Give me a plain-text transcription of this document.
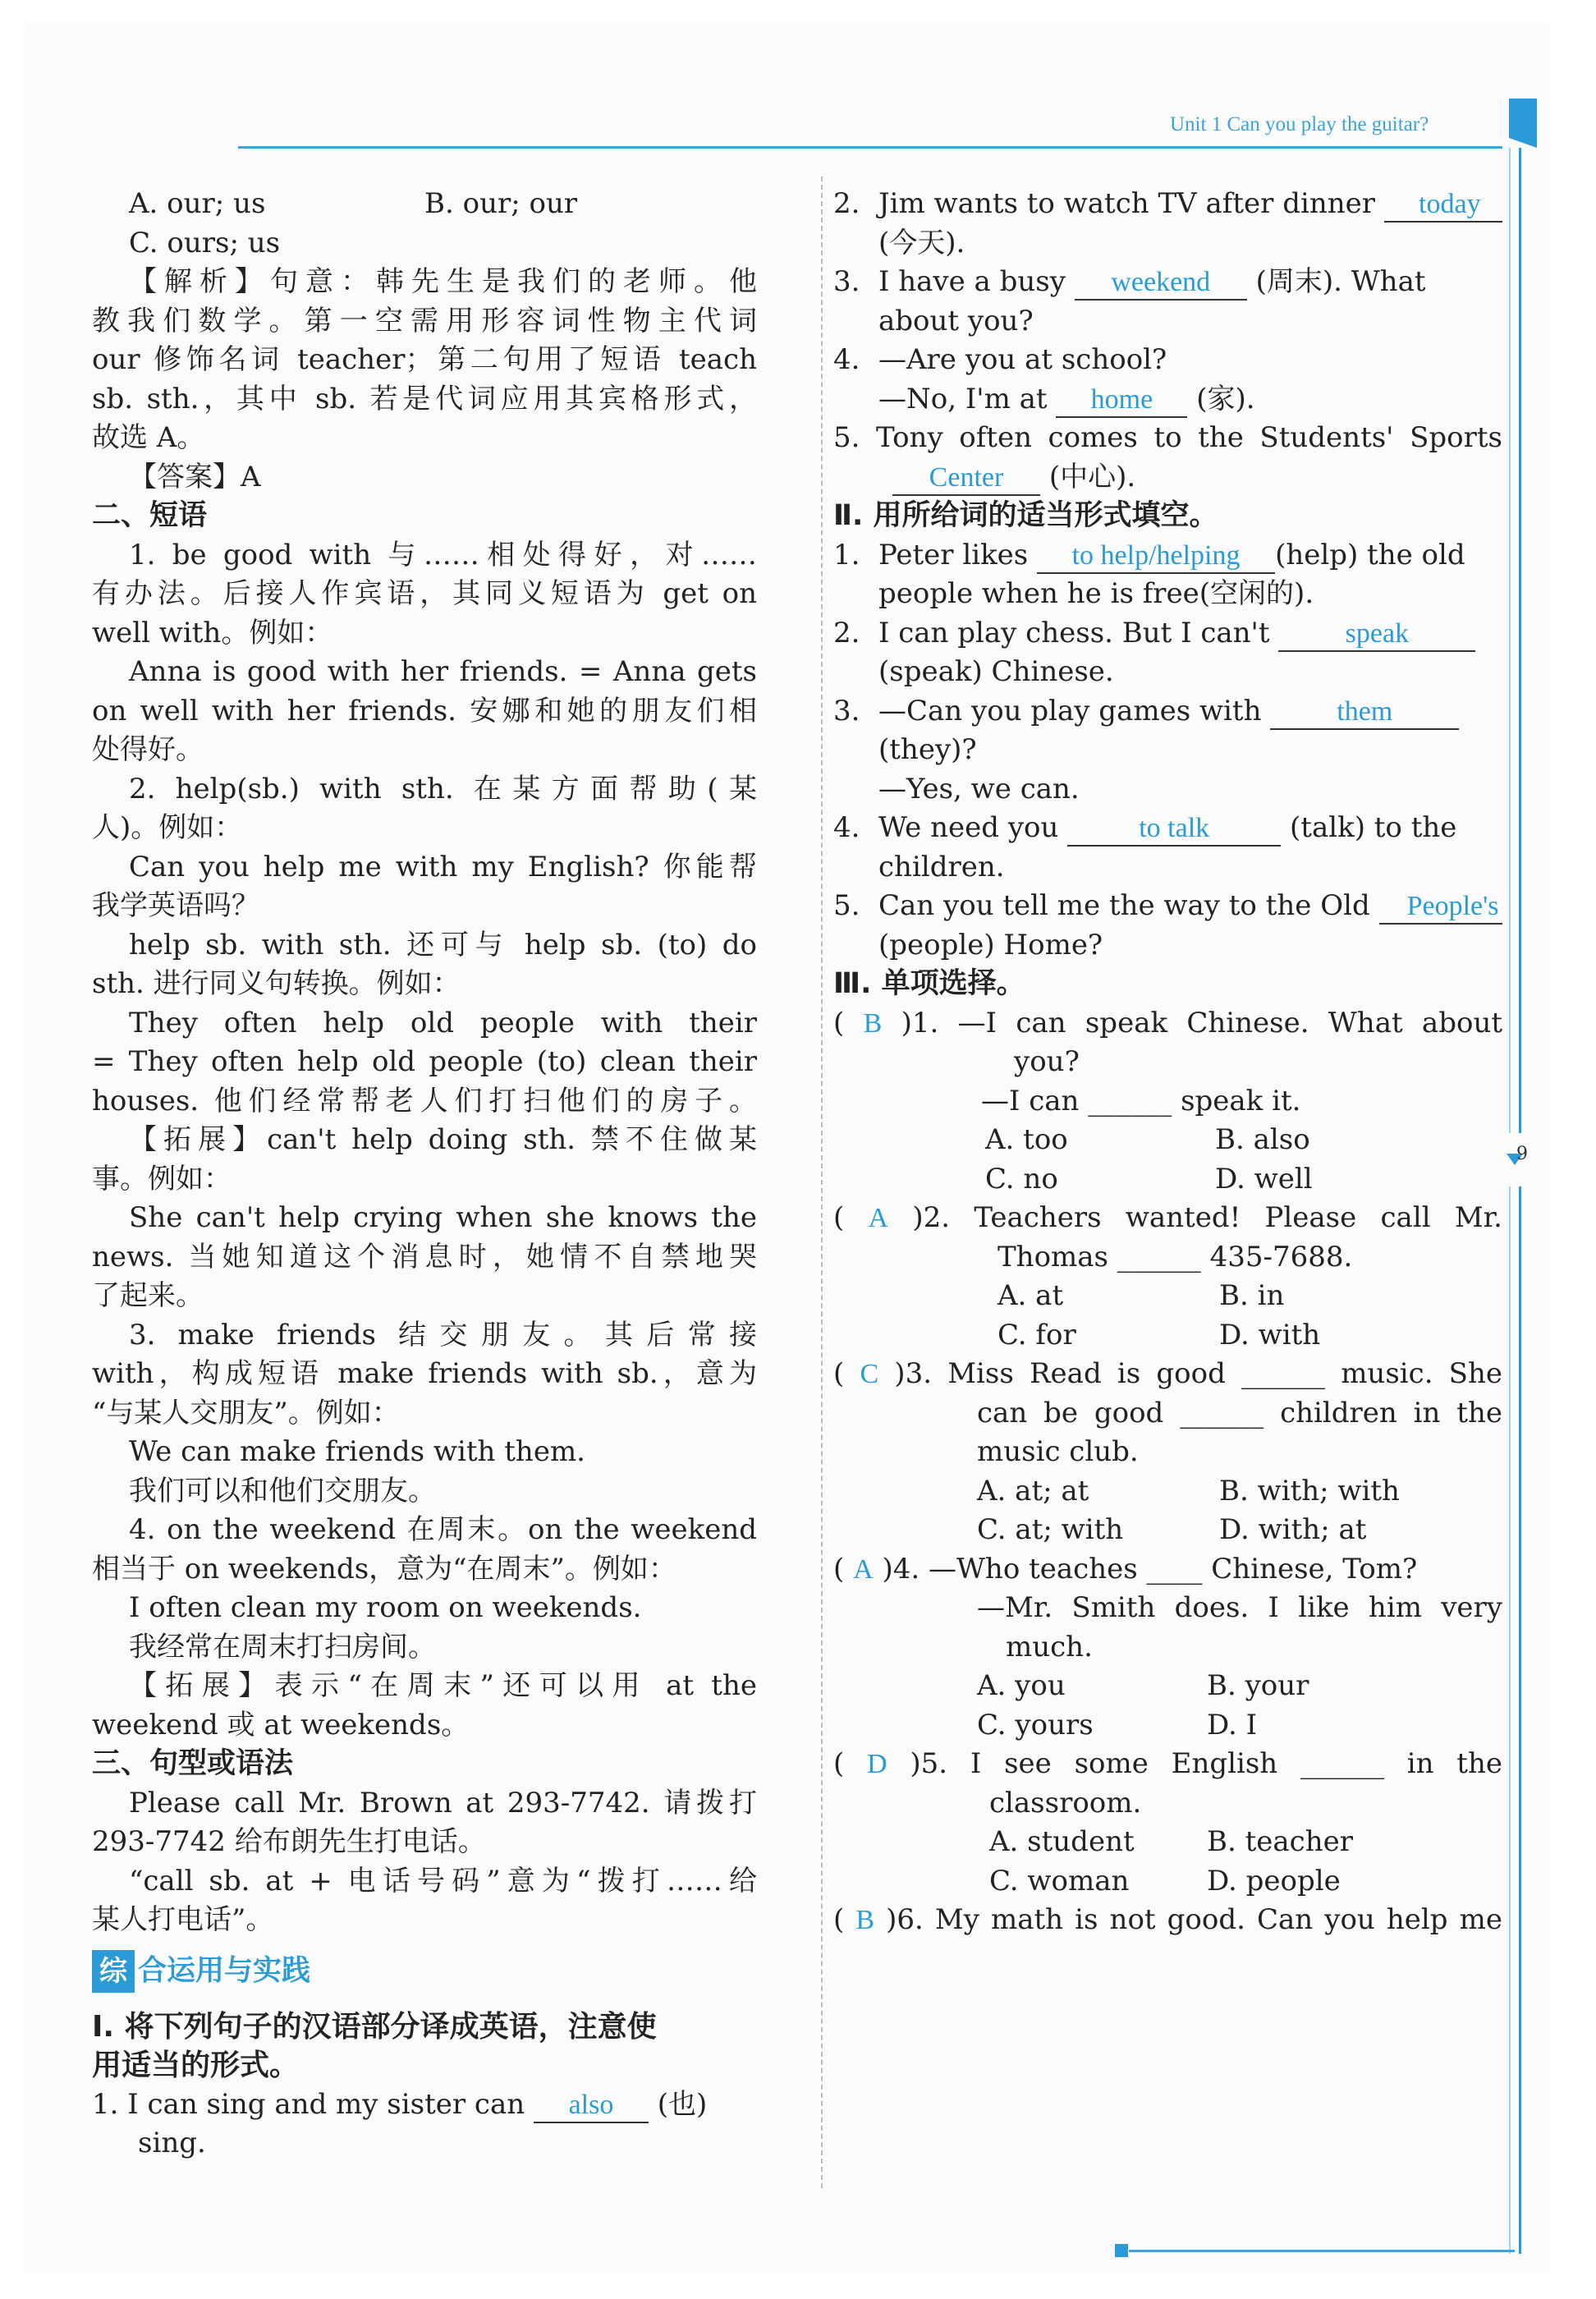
Unit 1 Can you play the guitar?
9
A. our; us	B. our; our
C. ours; us
【解析】句意：韩先生是我们的老师。他
教我们数学。第一空需用形容词性物主代词
our 修饰名词 teacher；第二句用了短语 teach
sb. sth.，其中 sb. 若是代词应用其宾格形式，
故选 A。
【答案】A
二、短语
1. be good with 与……相处得好，对……
有办法。后接人作宾语，其同义短语为 get on
well with。例如：
Anna is good with her friends. = Anna gets
on well with her friends. 安娜和她的朋友们相
处得好。
2. help(sb.) with sth. 在某方面帮助(某
人)。例如：
Can you help me with my English? 你能帮
我学英语吗？
help sb. with sth. 还可与 help sb. (to) do
sth. 进行同义句转换。例如：
They often help old people with their
= They often help old people (to) clean their
houses. 他们经常帮老人们打扫他们的房子。
【拓展】can't help doing sth. 禁不住做某
事。例如：
She can't help crying when she knows the
news. 当她知道这个消息时，她情不自禁地哭
了起来。
3. make friends 结交朋友。其后常接
with，构成短语 make friends with sb.，意为
“与某人交朋友”。例如：
We can make friends with them.
我们可以和他们交朋友。
4. on the weekend 在周末。on the weekend
相当于 on weekends，意为“在周末”。例如：
I often clean my room on weekends.
我经常在周末打扫房间。
【拓展】表示“在周末”还可以用 at the
weekend 或 at weekends。
三、句型或语法
Please call Mr. Brown at 293-7742. 请拨打
293-7742 给布朗先生打电话。
“call sb. at + 电话号码”意为“拨打……给
某人打电话”。
综 合运用与实践
Ⅰ. 将下列句子的汉语部分译成英语，注意使
用适当的形式。
1. I can sing and my sister can also (也)
sing.
2. Jim wants to watch TV after dinner today
(今天).
3. I have a busy weekend (周末). What
about you?
4. —Are you at school?
—No, I'm at home (家).
5. Tony often comes to the Students' Sports
Center (中心).
Ⅱ. 用所给词的适当形式填空。
1. Peter likes to help/helping (help) the old
people when he is free(空闲的).
2. I can play chess. But I can't	speak
(speak) Chinese.
3. —Can you play games with	them
(they)?
—Yes, we can.
4. We need you	to talk	(talk) to the
children.
5. Can you tell me the way to the Old People's
(people) Home?
Ⅲ. 单项选择。
( B )1. —I can speak Chinese. What about
you?
—I can ______ speak it.
A. too	B. also
C. no	D. well
( A )2. Teachers wanted! Please call Mr.
Thomas ______ 435-7688.
A. at	B. in
C. for	D. with
( C )3. Miss Read is good ______ music. She
can be good ______ children in the
music club.
A. at; at	B. with; with
C. at; with	D. with; at
( A )4. —Who teaches ____ Chinese, Tom?
—Mr. Smith does. I like him very
much.
A. you	B. your
C. yours	D. I
( D )5. I see some English ______ in the
classroom.
A. student	B. teacher
C. woman	D. people
( B )6. My math is not good. Can you help me
